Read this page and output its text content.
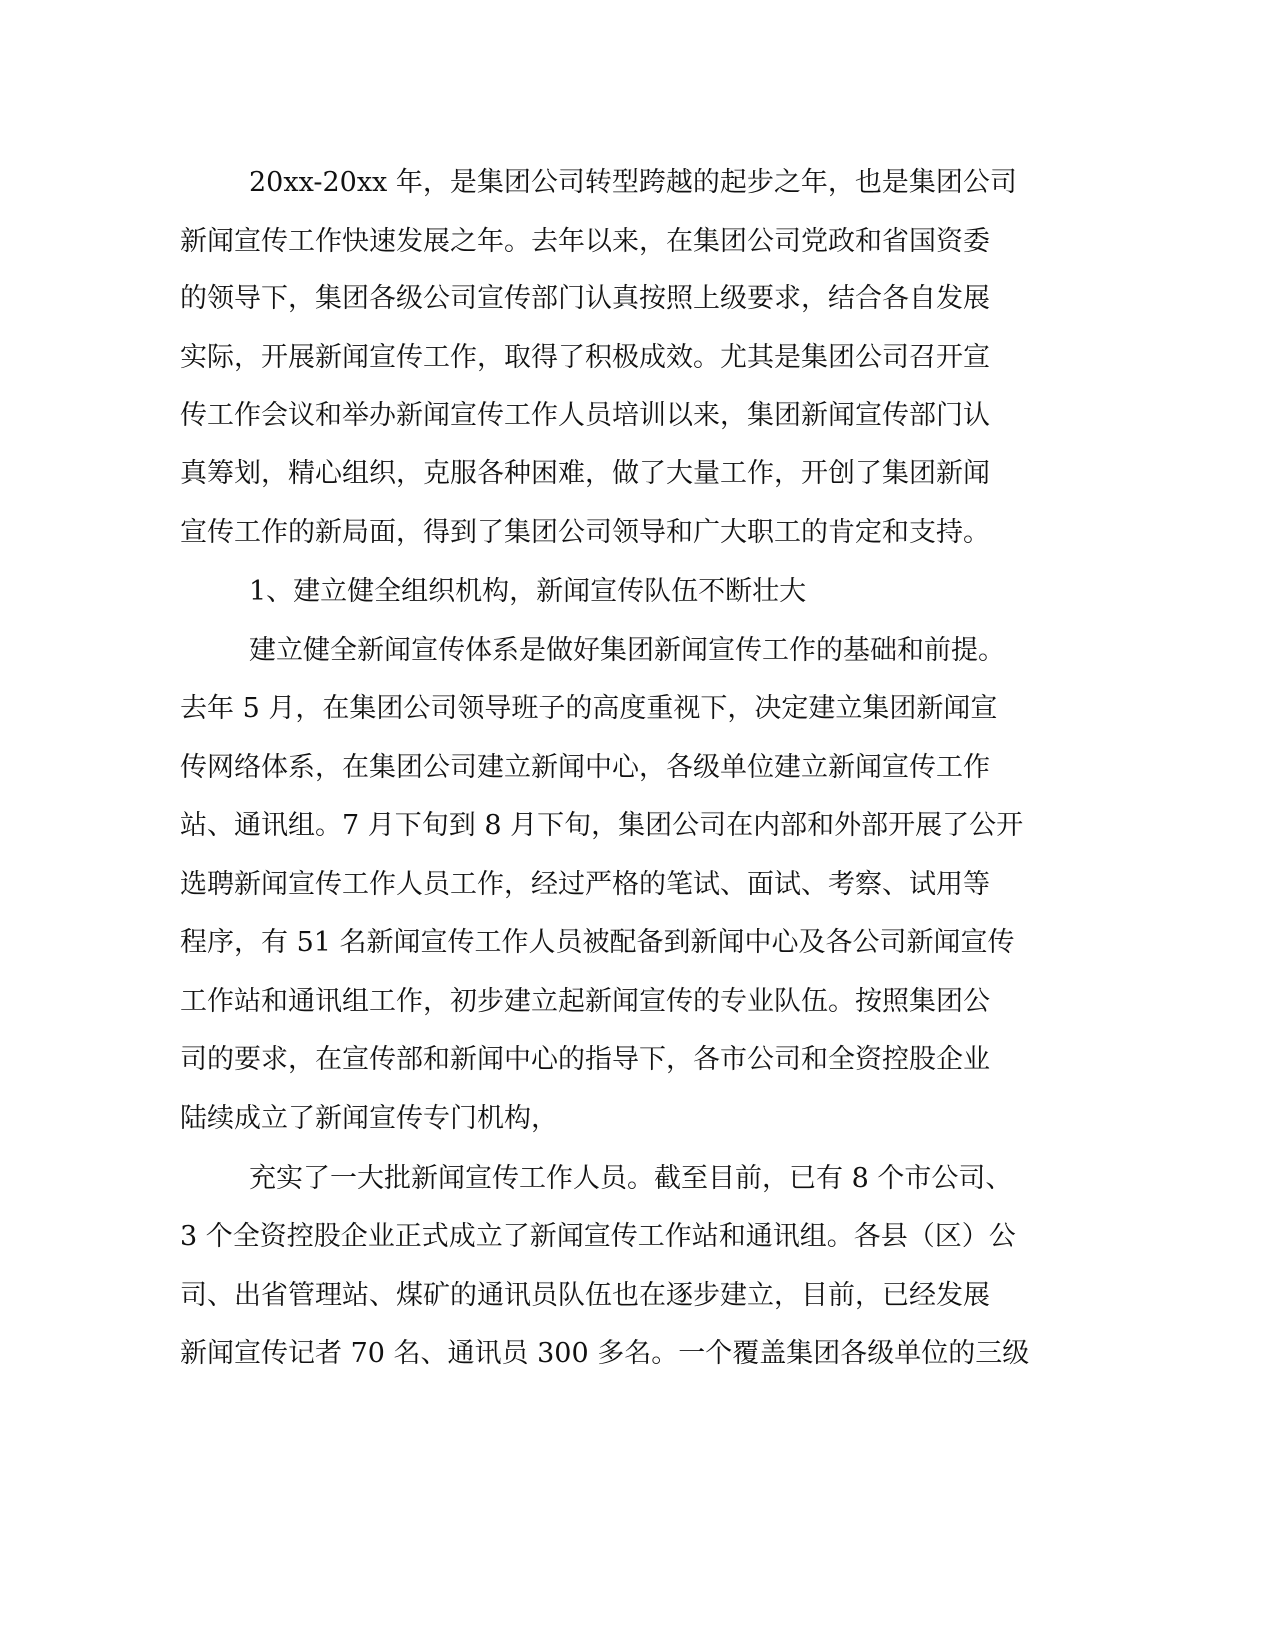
20xx-20xx 年，是集团公司转型跨越的起步之年，也是集团公司

新闻宣传工作快速发展之年。去年以来，在集团公司党政和省国资委

的领导下，集团各级公司宣传部门认真按照上级要求，结合各自发展

实际，开展新闻宣传工作，取得了积极成效。尤其是集团公司召开宣

传工作会议和举办新闻宣传工作人员培训以来，集团新闻宣传部门认

真筹划，精心组织，克服各种困难，做了大量工作，开创了集团新闻

宣传工作的新局面，得到了集团公司领导和广大职工的肯定和支持。

1、建立健全组织机构，新闻宣传队伍不断壮大

建立健全新闻宣传体系是做好集团新闻宣传工作的基础和前提。

去年 5 月，在集团公司领导班子的高度重视下，决定建立集团新闻宣

传网络体系，在集团公司建立新闻中心，各级单位建立新闻宣传工作

站、通讯组。7 月下旬到 8 月下旬，集团公司在内部和外部开展了公开

选聘新闻宣传工作人员工作，经过严格的笔试、面试、考察、试用等

程序，有 51 名新闻宣传工作人员被配备到新闻中心及各公司新闻宣传

工作站和通讯组工作，初步建立起新闻宣传的专业队伍。按照集团公

司的要求，在宣传部和新闻中心的指导下，各市公司和全资控股企业

陆续成立了新闻宣传专门机构，

充实了一大批新闻宣传工作人员。截至目前，已有 8 个市公司、

3 个全资控股企业正式成立了新闻宣传工作站和通讯组。各县（区）公

司、出省管理站、煤矿的通讯员队伍也在逐步建立，目前，已经发展

新闻宣传记者 70 名、通讯员 300 多名。一个覆盖集团各级单位的三级
